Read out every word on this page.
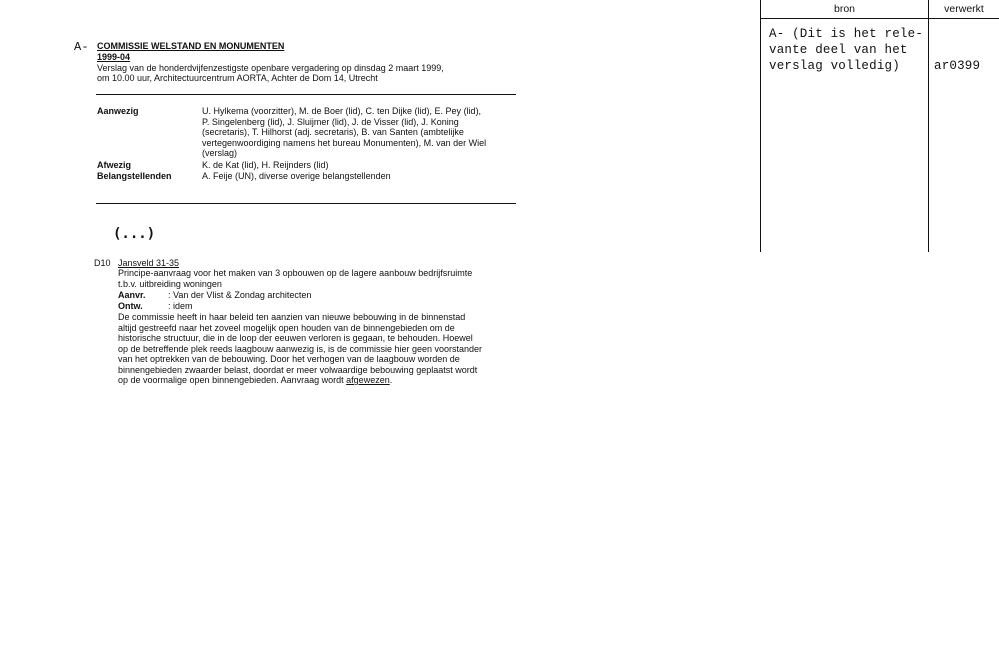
A- COMMISSIE WELSTAND EN MONUMENTEN
1999-04
Verslag van de honderdvijfenzestigste openbare vergadering op dinsdag 2 maart 1999,
om 10.00 uur, Architectuurcentrum AORTA, Achter de Dom 14, Utrecht
Aanwezig	U. Hylkema (voorzitter), M. de Boer (lid), C. ten Dijke (lid), E. Pey (lid),
P. Singelenberg (lid), J. Sluijmer (lid), J. de Visser (lid), J. Koning
(secretaris), T. Hilhorst (adj. secretaris), B. van Santen (ambtelijke
vertegenwoordiging namens het bureau Monumenten), M. van der Wiel
(verslag)
Afwezig	K. de Kat (lid), H. Reijnders (lid)
Belangstellenden	A. Feije (UN), diverse overige belangstellenden
(...)
D10 Jansveld 31-35
Principe-aanvraag voor het maken van 3 opbouwen op de lagere aanbouw bedrijfsruimte
t.b.v. uitbreiding woningen
Aanvr. : Van der Vlist & Zondag architecten
Ontw.	: idem
De commissie heeft in haar beleid ten aanzien van nieuwe bebouwing in de binnenstad
altijd gestreefd naar het zoveel mogelijk open houden van de binnengebieden om de
historische structuur, die in de loop der eeuwen verloren is gegaan, te behouden. Hoewel
op de betreffende plek reeds laagbouw aanwezig is, is de commissie hier geen voorstander
van het optrekken van de bebouwing. Door het verhogen van de laagbouw worden de
binnengebieden zwaarder belast, doordat er meer volwaardige bebouwing geplaatst wordt
op de voormalige open binnengebieden. Aanvraag wordt afgewezen.
bron	verwerkt
A- (Dit is het rele-
vante deel van het
verslag volledig)	ar0399
